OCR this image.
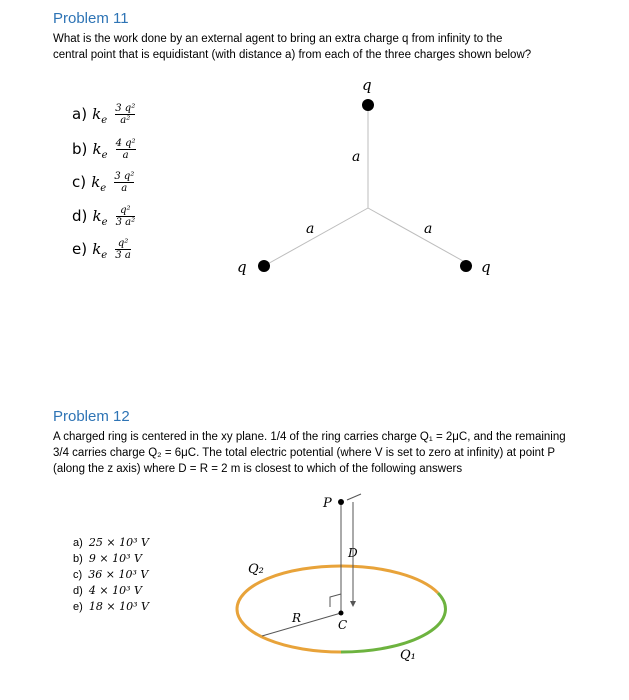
Problem 11
What is the work done by an external agent to bring an extra charge q from infinity to the
central point that is equidistant (with distance a) from each of the three charges shown below?
a) $k_e \frac{\text{3 q²}}{\text{a²}}$
b) $k_e \frac{\text{4 q²}}{a}$
c) $k_e \frac{\text{3 q²}}{a}$
d) $k_e \frac{\text{q²}}{\text{3 a²}}$
e) $k_e \frac{\text{q²}}{3 a}$
q
q	q
a
a	a
Problem 12
A charged ring is centered in the xy plane. 1/4 of the ring carries charge Q₁ = 2μC, and the remaining
3/4 carries charge Q₂ = 6μC. The total electric potential (where V is set to zero at infinity) at point P
(along the z axis) where D = R = 2 m is closest to which of the following answers
a) 25 × 10³ V
b) 9 × 10³ V
c) 36 × 10³ V
d) 4 × 10³ V
e) 18 × 10³ V
P
D
R	C
Q₂
Q₁
